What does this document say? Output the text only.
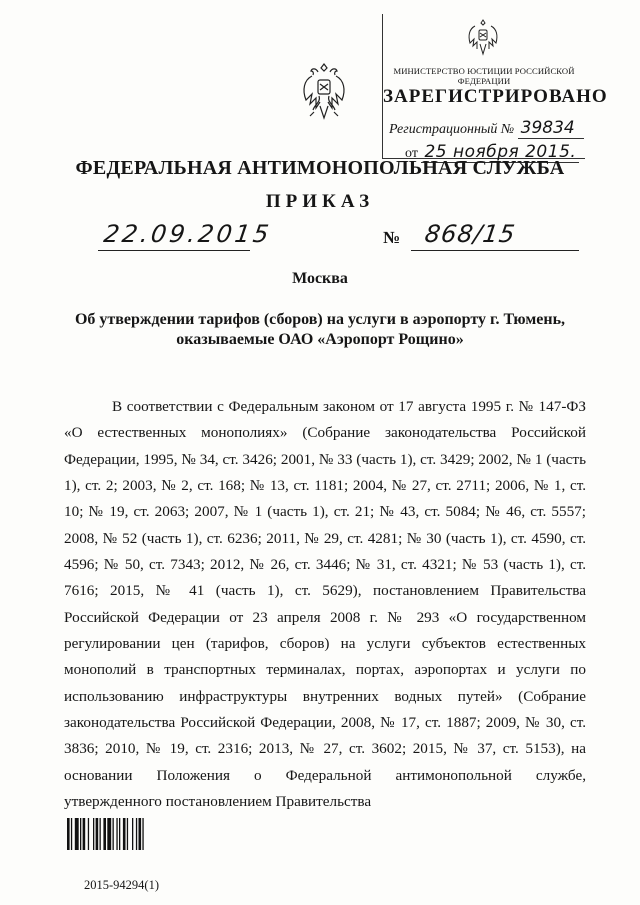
МИНИСТЕРСТВО ЮСТИЦИИ РОССИЙСКОЙ ФЕДЕРАЦИИ
ЗАРЕГИСТРИРОВАНО
Регистрационный № 39834
от 25 ноября 2015.
ФЕДЕРАЛЬНАЯ АНТИМОНОПОЛЬНАЯ СЛУЖБА
ПРИКАЗ
22.09.2015	№ 868/15
Москва
Об утверждении тарифов (сборов) на услуги в аэропорту г. Тюмень,
оказываемые ОАО «Аэропорт Рощино»

В соответствии с Федеральным законом от 17 августа 1995 г. № 147-ФЗ «О естественных монополиях» (Собрание законодательства Российской Федерации, 1995, № 34, ст. 3426; 2001, № 33 (часть 1), ст. 3429; 2002, № 1 (часть 1), ст. 2; 2003, № 2, ст. 168; № 13, ст. 1181; 2004, № 27, ст. 2711; 2006, № 1, ст. 10; № 19, ст. 2063; 2007, № 1 (часть 1), ст. 21; № 43, ст. 5084; № 46, ст. 5557; 2008, № 52 (часть 1), ст. 6236; 2011, № 29, ст. 4281; № 30 (часть 1), ст. 4590, ст. 4596; № 50, ст. 7343; 2012, № 26, ст. 3446; № 31, ст. 4321; № 53 (часть 1), ст. 7616; 2015, № 41 (часть 1), ст. 5629), постановлением Правительства Российской Федерации от 23 апреля 2008 г. № 293 «О государственном регулировании цен (тарифов, сборов) на услуги субъектов естественных монополий в транспортных терминалах, портах, аэропортах и услуги по использованию инфраструктуры внутренних водных путей» (Собрание законодательства Российской Федерации, 2008, № 17, ст. 1887; 2009, № 30, ст. 3836; 2010, № 19, ст. 2316; 2013, № 27, ст. 3602; 2015, № 37, ст. 5153), на основании Положения о Федеральной антимонопольной службе, утвержденного постановлением Правительства

2015-94294(1)
